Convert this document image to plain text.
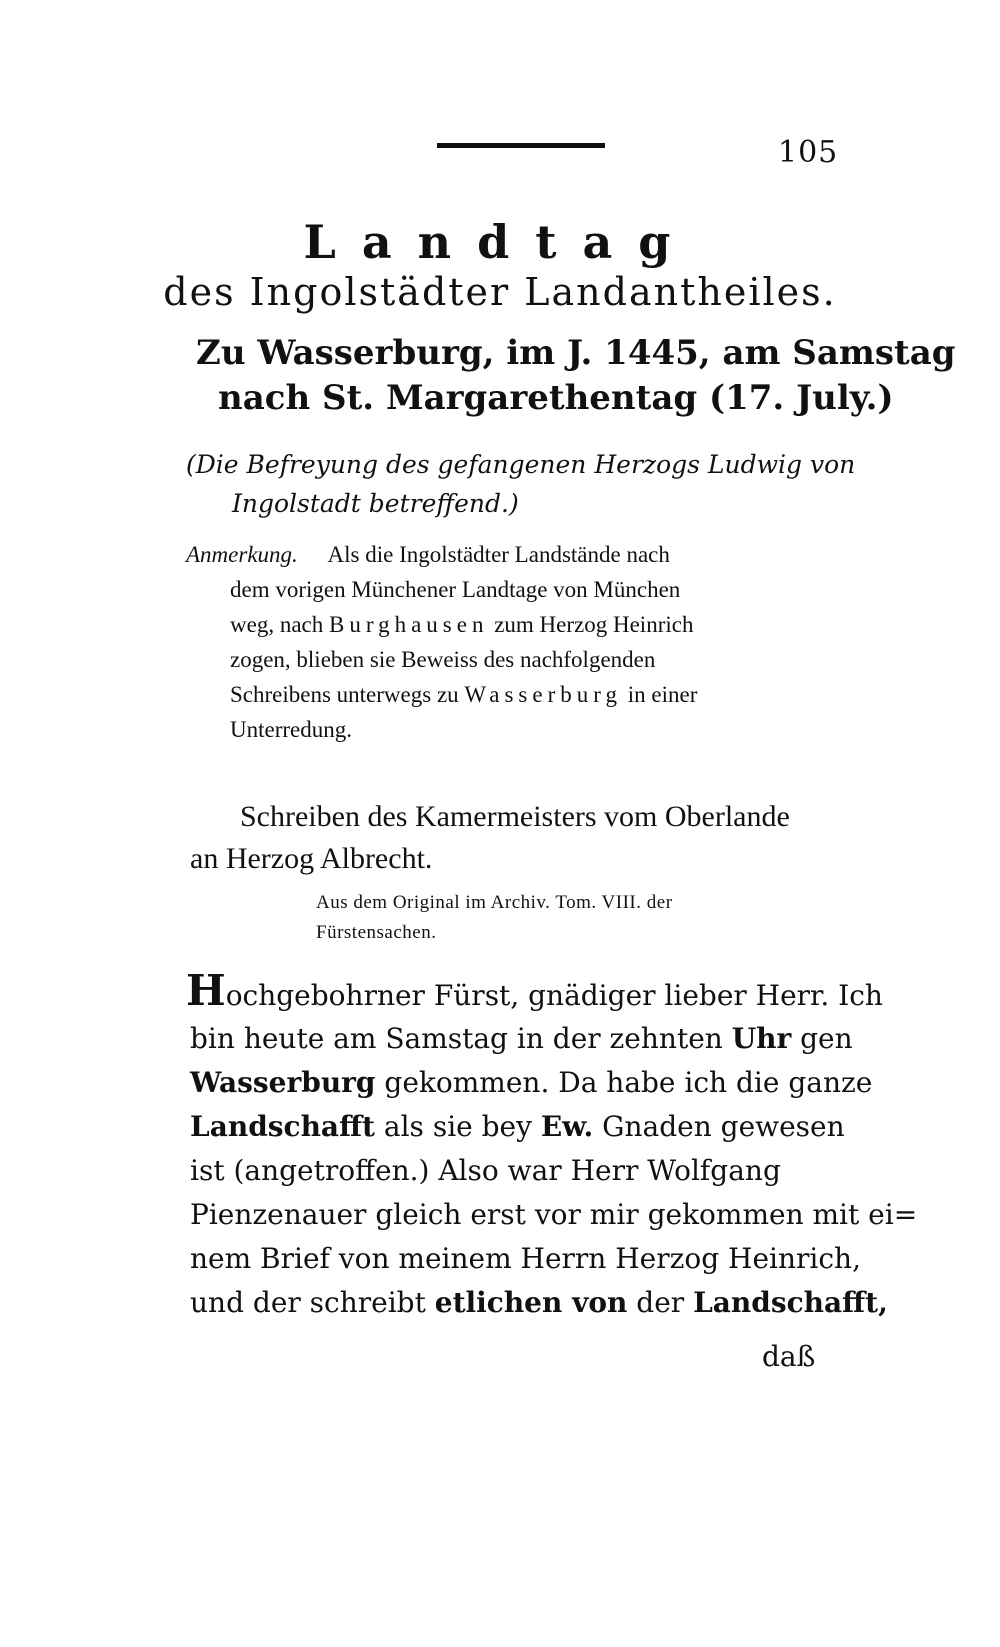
105
Landtag
des Ingolstädter Landantheiles.
Zu Wasserburg, im J. 1445, am Samstag
nach St. Margarethentag (17. July.)
(Die Befreyung des gefangenen Herzogs Ludwig von
Ingolstadt betreffend.)
Anmerkung. Als die Ingolstädter Landstände nach
dem vorigen Münchener Landtage von München
weg, nach Burghausen zum Herzog Heinrich
zogen, blieben sie Beweiss des nachfolgenden
Schreibens unterwegs zu Wasserburg in einer
Unterredung.
Schreiben des Kamermeisters vom Oberlande
an Herzog Albrecht.
Aus dem Original im Archiv. Tom. VIII. der
Fürstensachen.
Hochgebohrner Fürst, gnädiger lieber Herr. Ich
bin heute am Samstag in der zehnten Uhr gen
Wasserburg gekommen. Da habe ich die ganze
Landschafft als sie bey Ew. Gnaden gewesen
ist (angetroffen.) Also war Herr Wolfgang
Pienzenauer gleich erst vor mir gekommen mit ei=
nem Brief von meinem Herrn Herzog Heinrich,
und der schreibt etlichen von der Landschafft,
daß
